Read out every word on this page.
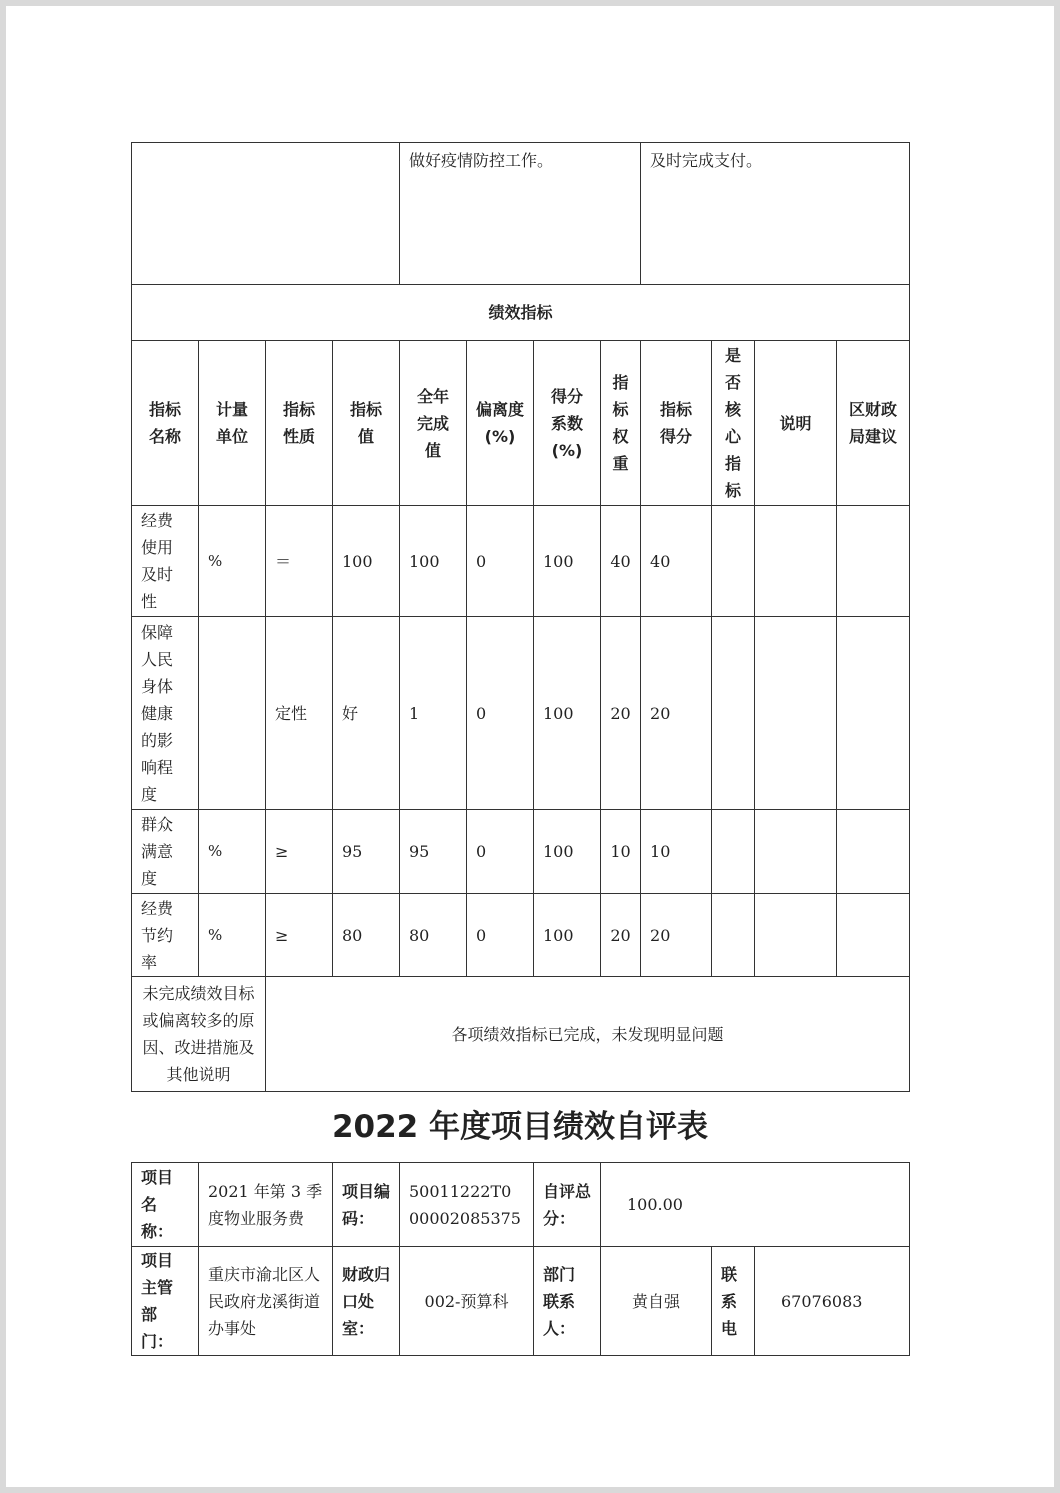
				做好疫情防控工作。				及时完成支付。			
绩效指标											
指标名称	计量单位	指标性质	指标值	全年完成值	偏离度(%)	得分系数(%)	指标权重	指标得分	是否核心指标	说明	区财政局建议
经费使用及时性	%	＝	100	100	0	100	40	40			
保障人民身体健康的影响程度		定性	好	1	0	100	20	20			
群众满意度	%	≥	95	95	0	100	10	10			
经费节约率	%	≥	80	80	0	100	20	20			
未完成绩效目标或偏离较多的原因、改进措施及其他说明		各项绩效指标已完成，未发现明显问题									
2022 年度项目绩效自评表
项目名称：	2021 年第 3 季度物业服务费	项目编码：	50011222T000002085375	自评总分：	100.00		
项目主管部门：	重庆市渝北区人民政府龙溪街道办事处	财政归口处室：	002-预算科	部门联系人：	黄自强	联系电	67076083
